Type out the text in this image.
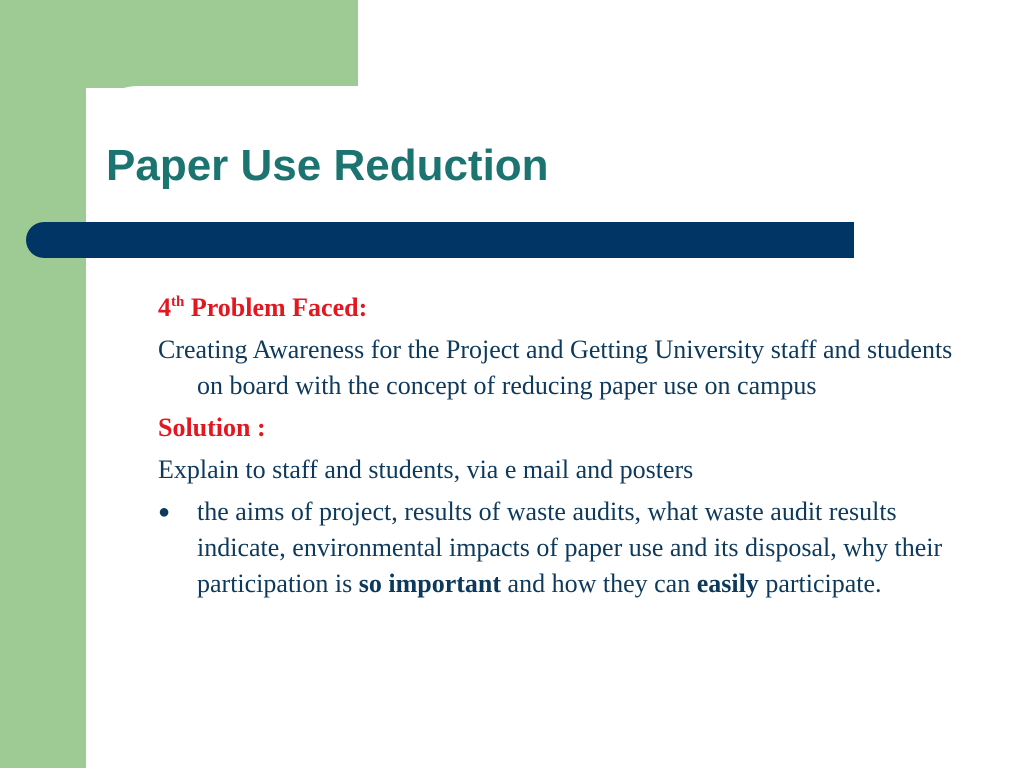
Paper Use Reduction

4th Problem Faced:

Creating Awareness for the Project and Getting University staff and students on board with the concept of reducing paper use on campus

Solution :

Explain to staff and students, via e mail and posters

●	the aims of project, results of waste audits, what waste audit results indicate, environmental impacts of paper use and its disposal, why their participation is so important and how they can easily participate.
